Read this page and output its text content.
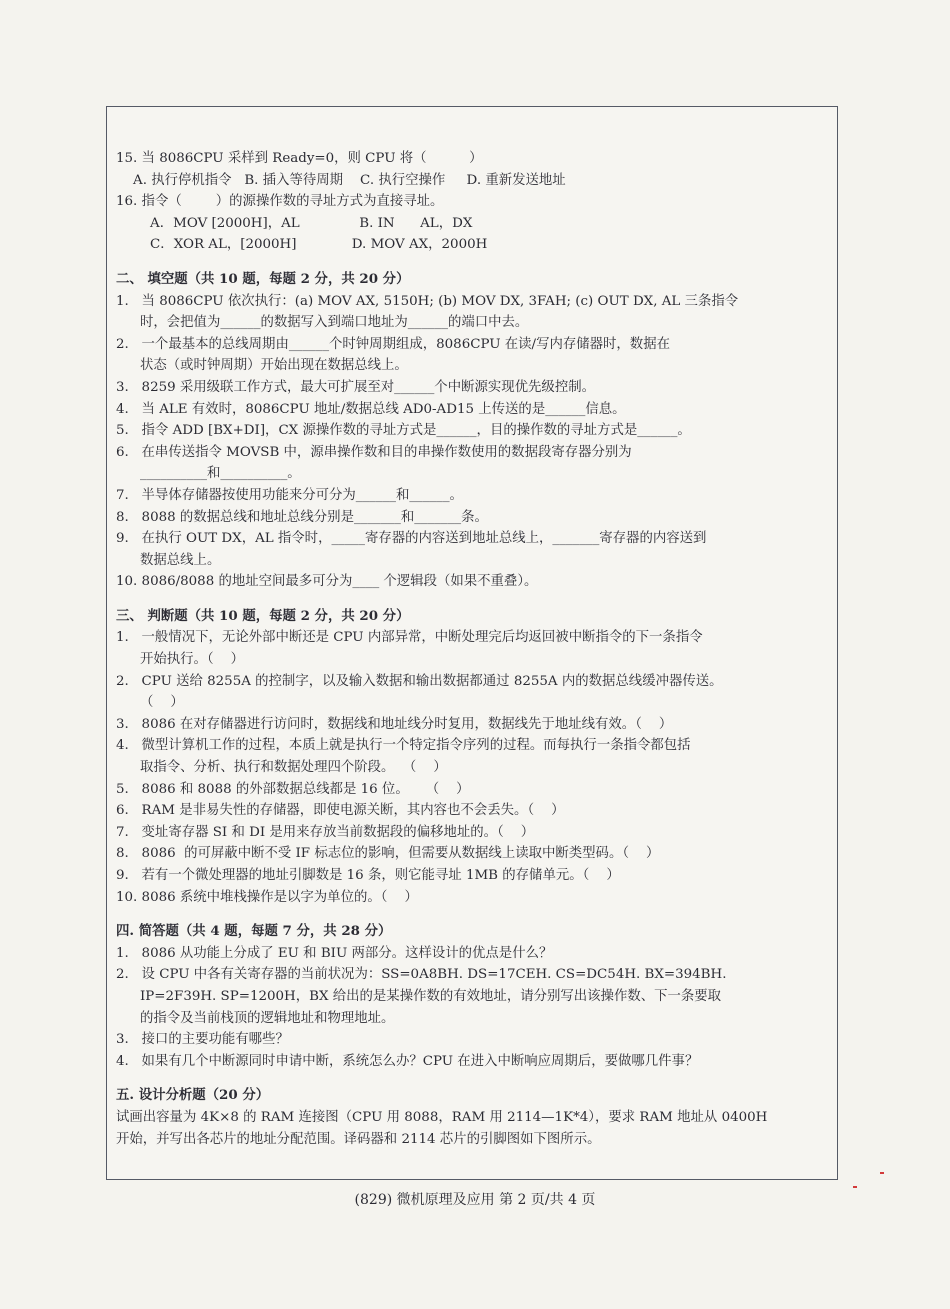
15. 当 8086CPU 采样到 Ready=0，则 CPU 将（          ）
A. 执行停机指令   B. 插入等待周期    C. 执行空操作     D. 重新发送地址
16. 指令（        ）的源操作数的寻址方式为直接寻址。
A．MOV [2000H]，AL              B. IN      AL，DX
C．XOR AL，[2000H]             D. MOV AX，2000H
二、 填空题（共 10 题，每题 2 分，共 20 分）
1.   当 8086CPU 依次执行：(a) MOV AX, 5150H; (b) MOV DX, 3FAH; (c) OUT DX, AL 三条指令
时，会把值为______的数据写入到端口地址为______的端口中去。
2.   一个最基本的总线周期由______个时钟周期组成，8086CPU 在读/写内存储器时，数据在
状态（或时钟周期）开始出现在数据总线上。
3.   8259 采用级联工作方式，最大可扩展至对______个中断源实现优先级控制。
4.   当 ALE 有效时，8086CPU 地址/数据总线 AD0-AD15 上传送的是______信息。
5.   指令 ADD [BX+DI]，CX 源操作数的寻址方式是______，目的操作数的寻址方式是______。
6.   在串传送指令 MOVSB 中，源串操作数和目的串操作数使用的数据段寄存器分别为
__________和__________。
7.   半导体存储器按使用功能来分可分为______和______。
8.   8088 的数据总线和地址总线分别是_______和_______条。
9.   在执行 OUT DX，AL 指令时，_____寄存器的内容送到地址总线上，_______寄存器的内容送到
数据总线上。
10. 8086/8088 的地址空间最多可分为____ 个逻辑段（如果不重叠）。
三、 判断题（共 10 题，每题 2 分，共 20 分）
1.   一般情况下，无论外部中断还是 CPU 内部异常，中断处理完后均返回被中断指令的下一条指令
开始执行。（    ）
2.   CPU 送给 8255A 的控制字，以及输入数据和输出数据都通过 8255A 内的数据总线缓冲器传送。
（    ）
3.   8086 在对存储器进行访问时，数据线和地址线分时复用，数据线先于地址线有效。（    ）
4.   微型计算机工作的过程，本质上就是执行一个特定指令序列的过程。而每执行一条指令都包括
取指令、分析、执行和数据处理四个阶段。  （    ）
5.   8086 和 8088 的外部数据总线都是 16 位。    （    ）
6.   RAM 是非易失性的存储器，即使电源关断，其内容也不会丢失。（    ）
7.   变址寄存器 SI 和 DI 是用来存放当前数据段的偏移地址的。（    ）
8.   8086  的可屏蔽中断不受 IF 标志位的影响，但需要从数据线上读取中断类型码。（    ）
9.   若有一个微处理器的地址引脚数是 16 条，则它能寻址 1MB 的存储单元。（    ）
10. 8086 系统中堆栈操作是以字为单位的。（    ）
四. 简答题（共 4 题，每题 7 分，共 28 分）
1.   8086 从功能上分成了 EU 和 BIU 两部分。这样设计的优点是什么？
2.   设 CPU 中各有关寄存器的当前状况为：SS=0A8BH. DS=17CEH. CS=DC54H. BX=394BH.
IP=2F39H. SP=1200H，BX 给出的是某操作数的有效地址，请分别写出该操作数、下一条要取
的指令及当前栈顶的逻辑地址和物理地址。
3.   接口的主要功能有哪些？
4.   如果有几个中断源同时申请中断，系统怎么办？CPU 在进入中断响应周期后，要做哪几件事？
五. 设计分析题（20 分）
试画出容量为 4K×8 的 RAM 连接图（CPU 用 8088，RAM 用 2114—1K*4），要求 RAM 地址从 0400H
开始，并写出各芯片的地址分配范围。译码器和 2114 芯片的引脚图如下图所示。
(829) 微机原理及应用 第 2 页/共 4 页
